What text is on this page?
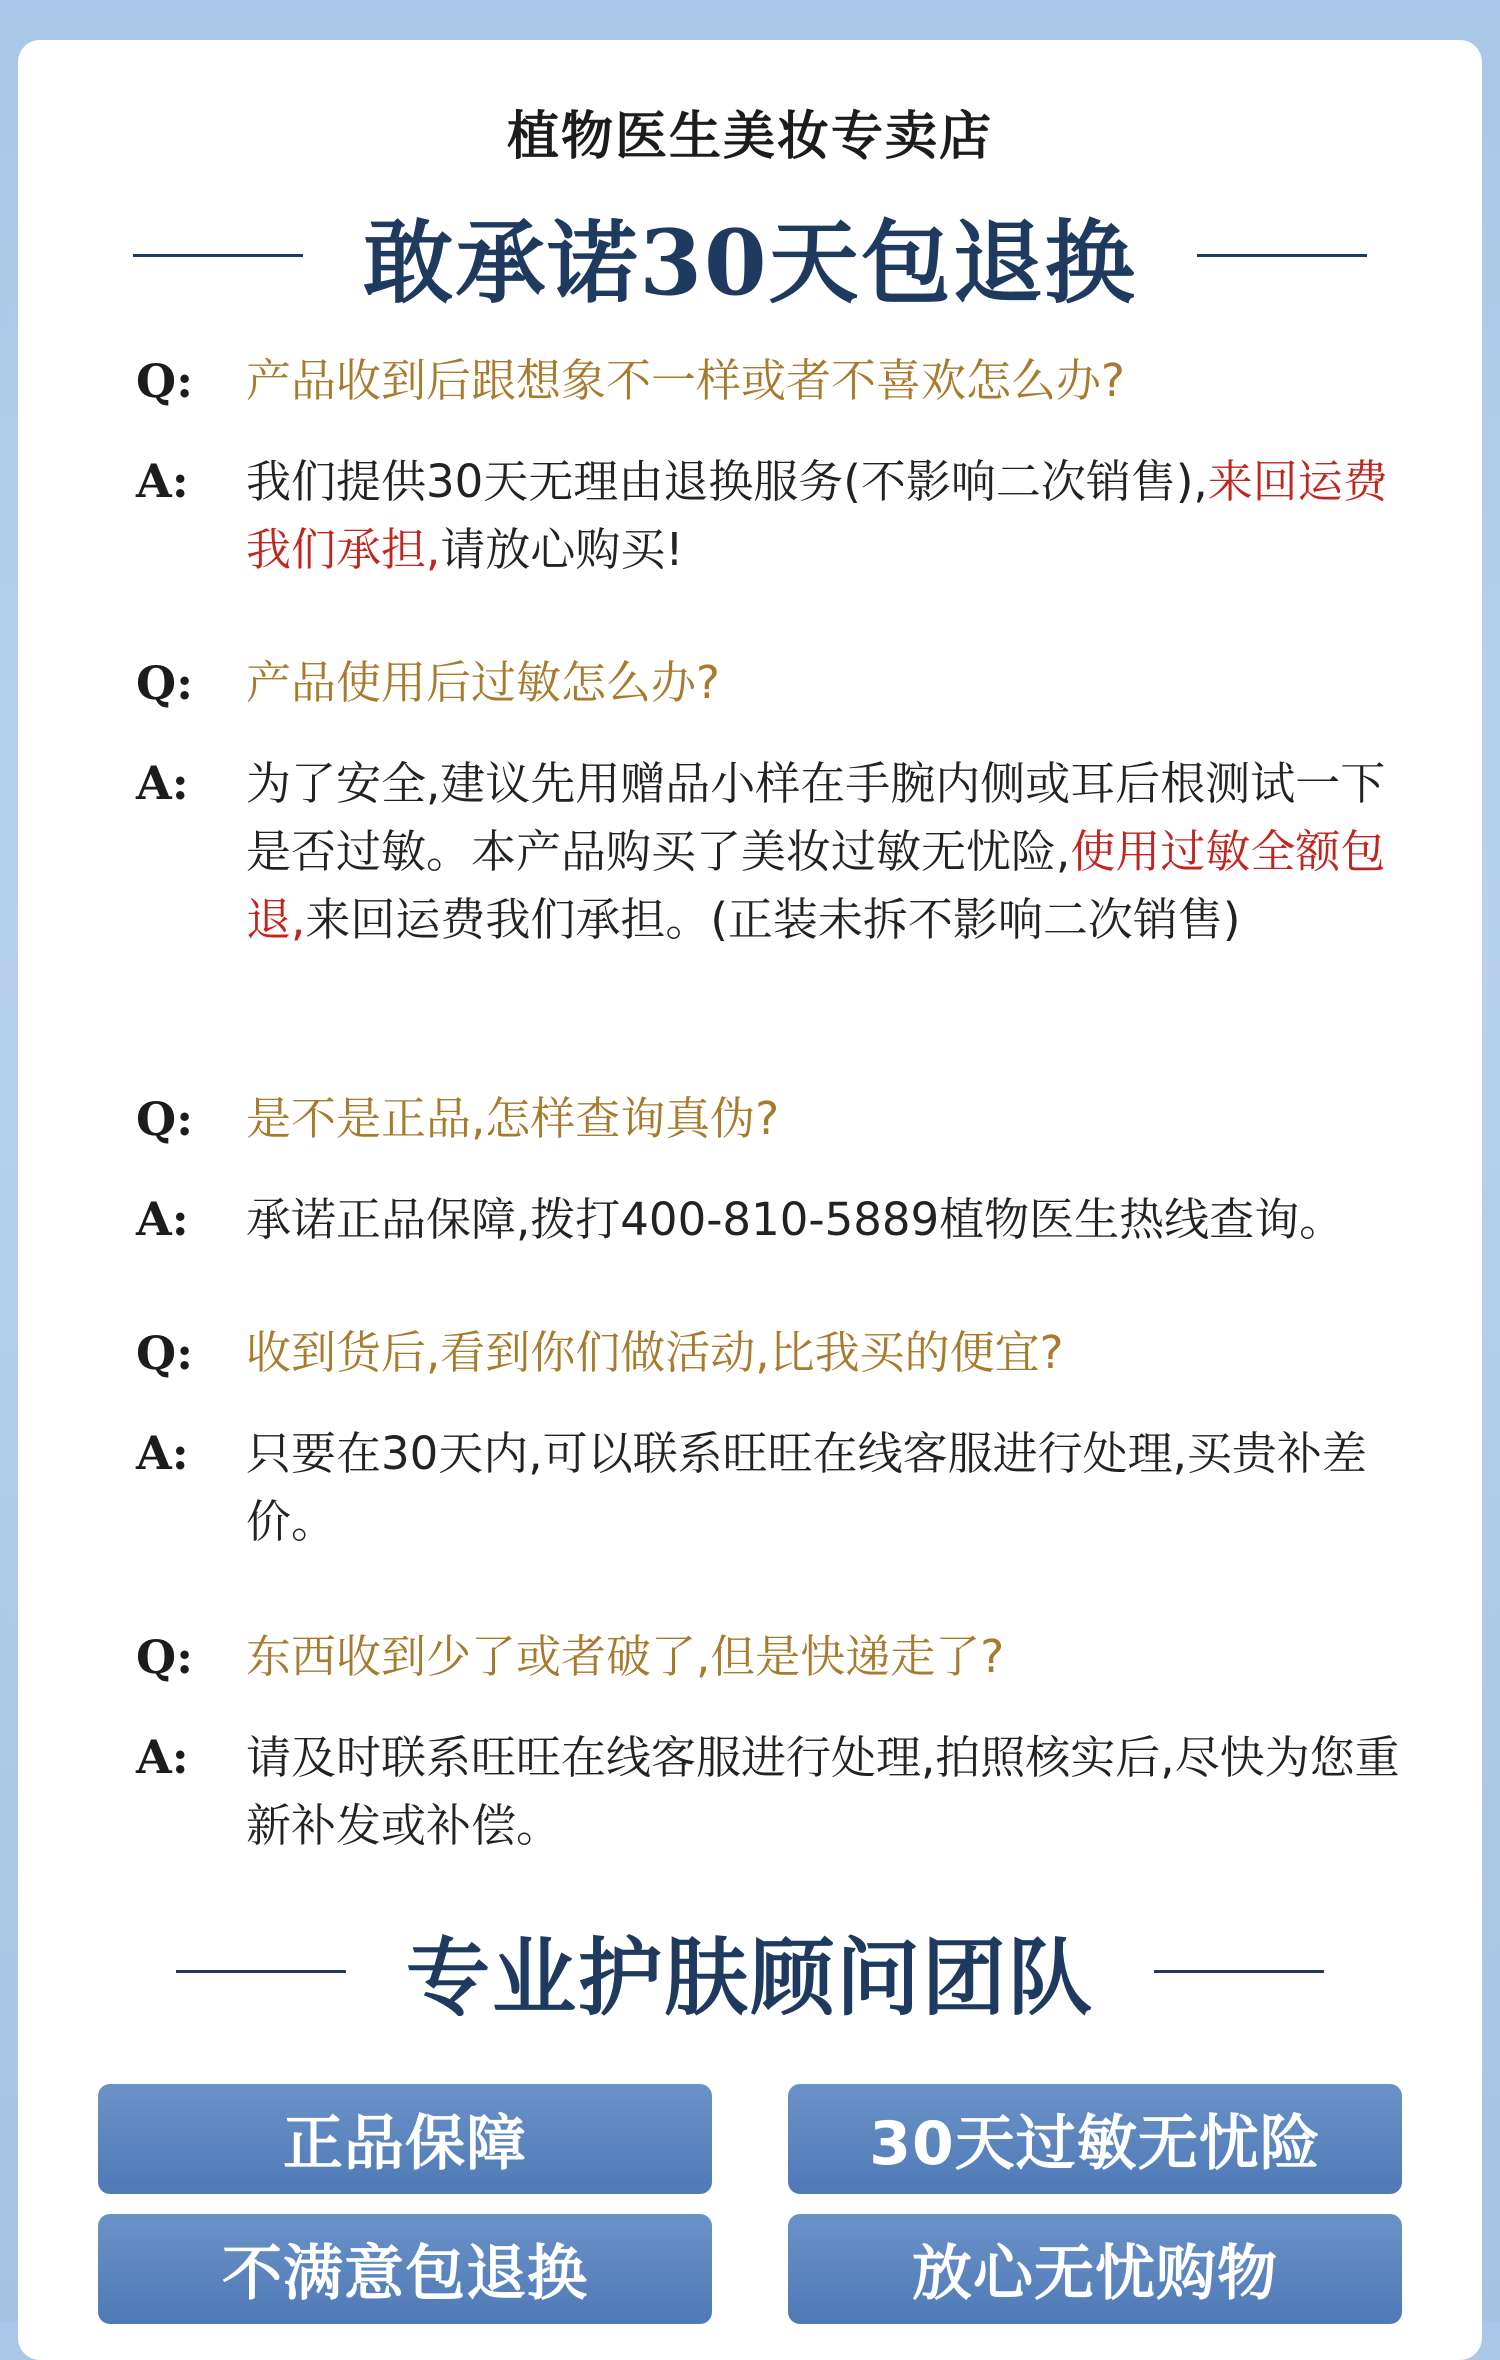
植物医生美妆专卖店
敢承诺30天包退换
Q:	产品收到后跟想象不一样或者不喜欢怎么办?
A:	我们提供30天无理由退换服务(不影响二次销售),来回运费我们承担,请放心购买!
Q:	产品使用后过敏怎么办?
A:	为了安全,建议先用赠品小样在手腕内侧或耳后根测试一下是否过敏。本产品购买了美妆过敏无忧险,使用过敏全额包退,来回运费我们承担。(正装未拆不影响二次销售)
Q:	是不是正品,怎样查询真伪?
A:	承诺正品保障,拨打400-810-5889植物医生热线查询。
Q:	收到货后,看到你们做活动,比我买的便宜?
A:	只要在30天内,可以联系旺旺在线客服进行处理,买贵补差价。
Q:	东西收到少了或者破了,但是快递走了?
A:	请及时联系旺旺在线客服进行处理,拍照核实后,尽快为您重新补发或补偿。
专业护肤顾问团队
正品保障	30天过敏无忧险
不满意包退换	放心无忧购物
